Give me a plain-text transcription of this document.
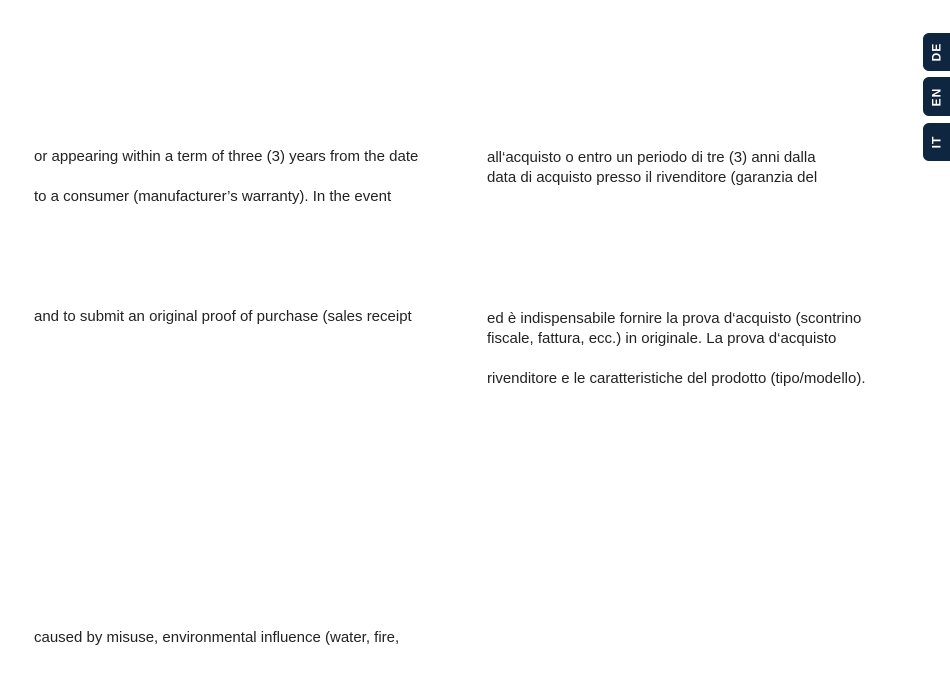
DE
EN
IT
or appearing within a term of three (3) years from the date
to a consumer (manufacturer’s warranty). In the event
and to submit an original proof of purchase (sales receipt
caused by misuse, environmental influence (water, fire,
all‘acquisto o entro un periodo di tre (3) anni dalla
data di acquisto presso il rivenditore (garanzia del
ed è indispensabile fornire la prova d‘acquisto (scontrino
fiscale, fattura, ecc.) in originale. La prova d‘acquisto
rivenditore e le caratteristiche del prodotto (tipo/modello).
